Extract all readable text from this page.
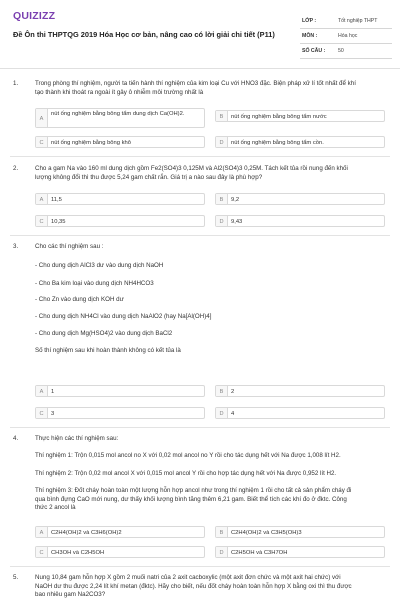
QUIZIZZ
Đề Ôn thi THPTQG 2019 Hóa Học cơ bản, nâng cao có lời giải chi tiết (P11)
LỚP :	Tốt nghiệp THPT
MÔN :	Hóa học
SỐ CÂU : 50
1.	Trong phòng thí nghiệm, người ta tiến hành thí nghiệm của kim loại Cu với HNO3 đặc. Biện pháp xử lí tốt nhất để khí
tạo thành khi thoát ra ngoài ít gây ô nhiễm môi trường nhất là
A
nút ống nghiệm bằng bông tẩm dung dịch Ca(OH)2.	B	nút ống nghiệm bằng bông tẩm nước
C	nút ống nghiệm bằng bông khô	D	nút ống nghiệm bằng bông tẩm cồn.
2.	Cho a gam Na vào 160 ml dung dịch gồm Fe2(SO4)3 0,125M và Al2(SO4)3 0,25M. Tách kết tủa rồi nung đến khối
lượng không đổi thì thu được 5,24 gam chất rắn. Giá trị a nào sau đây là phù hợp?
A	11,5	B	9,2
C	10,35	D	9,43
3.	Cho các thí nghiệm sau :
- Cho dung dịch AlCl3 dư vào dung dịch NaOH
- Cho Ba kim loại vào dung dịch NH4HCO3
- Cho Zn vào dung dịch KOH dư
- Cho dung dịch NH4Cl vào dung dịch NaAlO2 (hay Na[Al(OH)4]
- Cho dung dịch Mg(HSO4)2 vào dung dịch BaCl2
Số thí nghiệm sau khi hoàn thành không có kết tủa là
A	1	B	2
C	3	D	4
4.	Thực hiện các thí nghiệm sau:
Thí nghiệm 1: Trộn 0,015 mol ancol no X với 0,02 mol ancol no Y rồi cho tác dụng hết với Na được 1,008 lít H2.
Thí nghiệm 2: Trộn 0,02 mol ancol X với 0,015 mol ancol Y rồi cho hợp tác dụng hết với Na được 0,952 lít H2.
Thí nghiệm 3: Đốt cháy hoàn toàn một lượng hỗn hợp ancol như trong thí nghiệm 1 rồi cho tất cả sản phẩm cháy đi
qua bình đựng CaO mới nung, dư thấy khối lượng bình tăng thêm 6,21 gam. Biết thể tích các khí đo ở đktc. Công
thức 2 ancol là
A	C2H4(OH)2 và C3H6(OH)2	B	C2H4(OH)2 và C3H5(OH)3
C	CH3OH và C2H5OH	D	C2H5OH và C3H7OH
5.	Nung 10,84 gam hỗn hợp X gồm 2 muối natri của 2 axit cacboxylic (một axit đơn chức và một axit hai chức) với
NaOH dư thu được 2,24 lít khí metan (đktc). Hãy cho biết, nếu đốt cháy hoàn toàn hỗn hợp X bằng oxi thì thu được
bao nhiêu gam Na2CO3?
